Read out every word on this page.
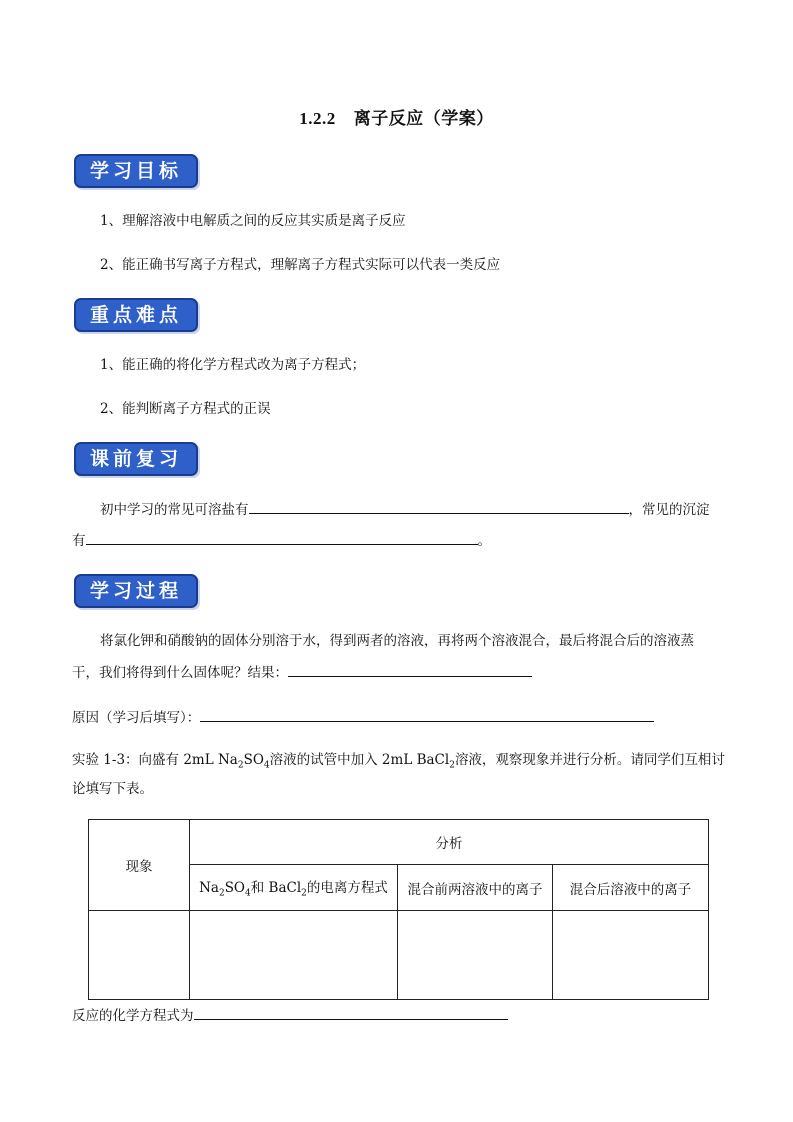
1.2.2 离子反应（学案）
学习目标
1、理解溶液中电解质之间的反应其实质是离子反应
2、能正确书写离子方程式，理解离子方程式实际可以代表一类反应
重点难点
1、能正确的将化学方程式改为离子方程式；
2、能判断离子方程式的正误
课前复习
初中学习的常见可溶盐有	，常见的沉淀
有	。
学习过程
将氯化钾和硝酸钠的固体分别溶于水，得到两者的溶液，再将两个溶液混合，最后将混合后的溶液蒸
干，我们将得到什么固体呢？结果：
原因（学习后填写）：
实验 1-3：向盛有 2mL $Na_2SO_4$溶液的试管中加入 2mL BaCl$_2$溶液，观察现象并进行分析。请同学们互相讨
论填写下表。
现象	分析		
	$Na_2SO_4$和 BaCl$_2$的电离方程式	混合前两溶液中的离子	混合后溶液中的离子

反应的化学方程式为
